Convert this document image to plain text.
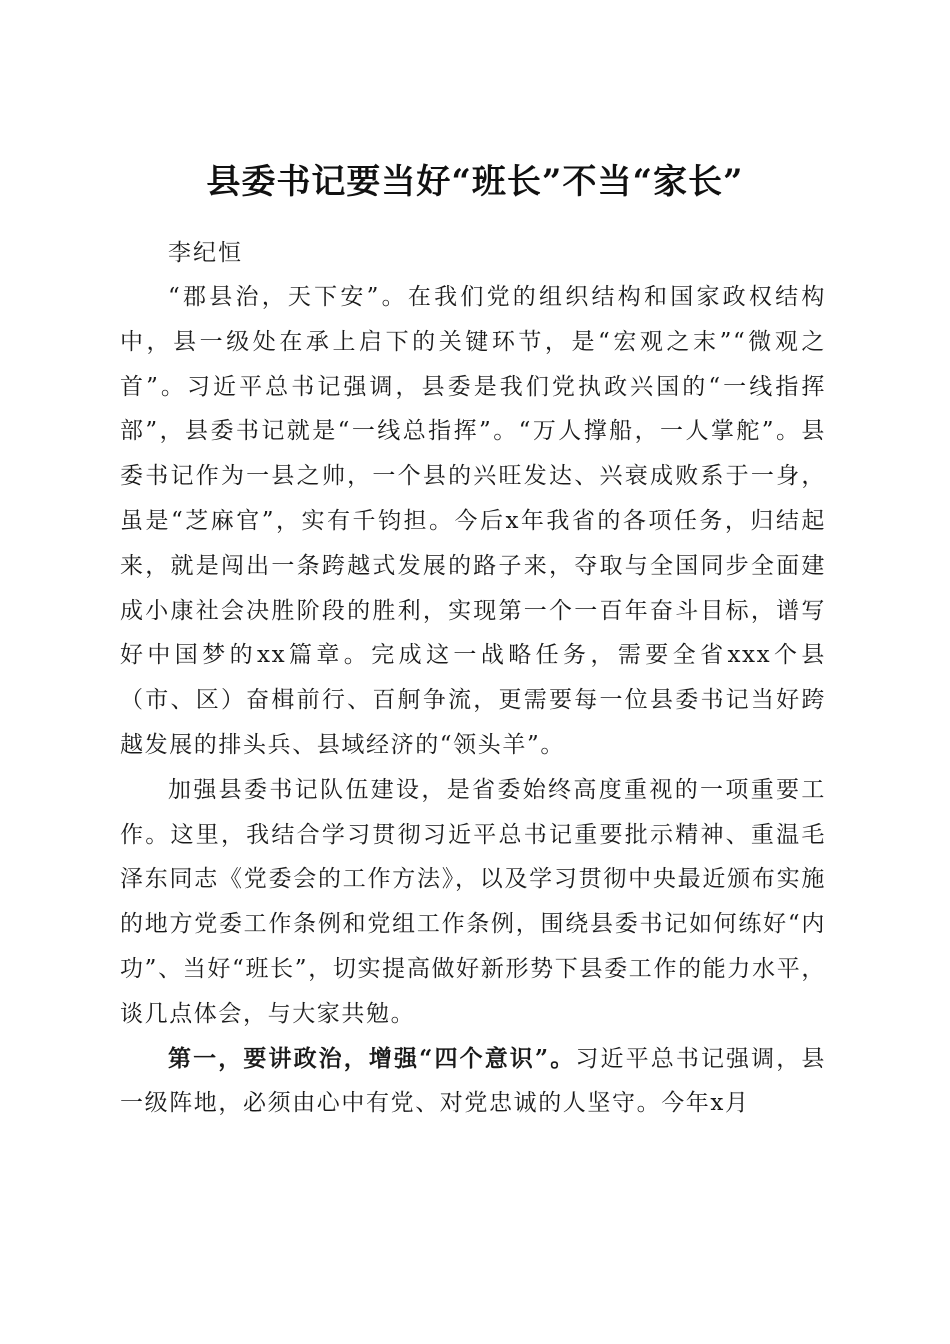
县委书记要当好“班长”不当“家长”
李纪恒

“郡县治，天下安”。在我们党的组织结构和国家政权结构中，县一级处在承上启下的关键环节，是“宏观之末”“微观之首”。习近平总书记强调，县委是我们党执政兴国的“一线指挥部”，县委书记就是“一线总指挥”。“万人撑船，一人掌舵”。县委书记作为一县之帅，一个县的兴旺发达、兴衰成败系于一身，虽是“芝麻官”，实有千钧担。今后x年我省的各项任务，归结起来，就是闯出一条跨越式发展的路子来，夺取与全国同步全面建成小康社会决胜阶段的胜利，实现第一个一百年奋斗目标，谱写好中国梦的xx篇章。完成这一战略任务，需要全省xxx个县（市、区）奋楫前行、百舸争流，更需要每一位县委书记当好跨越发展的排头兵、县域经济的“领头羊”。

加强县委书记队伍建设，是省委始终高度重视的一项重要工作。这里，我结合学习贯彻习近平总书记重要批示精神、重温毛泽东同志《党委会的工作方法》，以及学习贯彻中央最近颁布实施的地方党委工作条例和党组工作条例，围绕县委书记如何练好“内功”、当好“班长”，切实提高做好新形势下县委工作的能力水平，谈几点体会，与大家共勉。

第一，要讲政治，增强“四个意识”。习近平总书记强调，县一级阵地，必须由心中有党、对党忠诚的人坚守。今年x月
